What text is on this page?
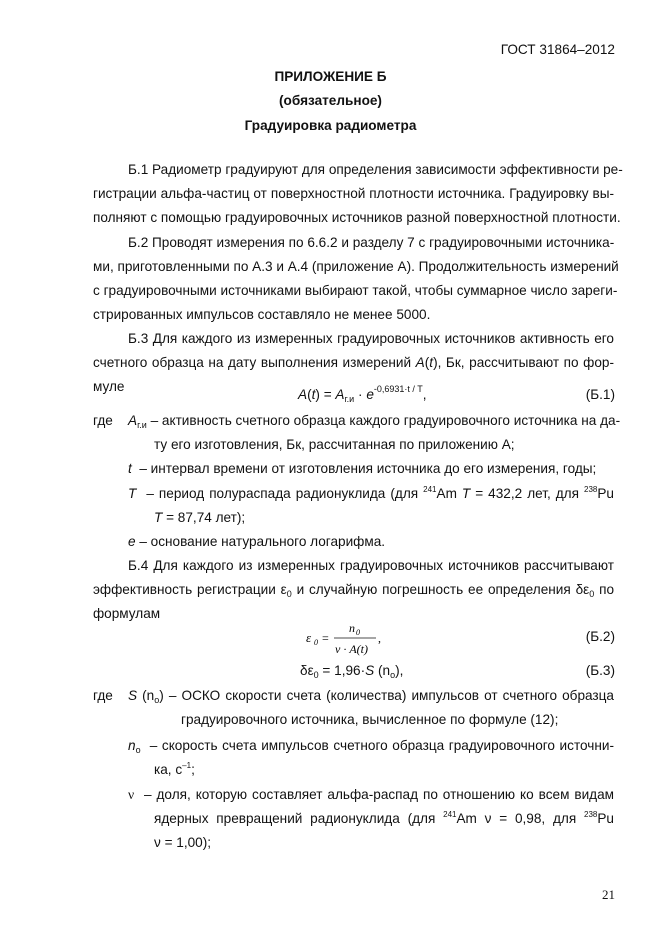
ГОСТ 31864–2012
ПРИЛОЖЕНИЕ Б
(обязательное)
Градуировка радиометра
Б.1 Радиометр градуируют для определения зависимости эффективности ре-
гистрации альфа-частиц от поверхностной плотности источника. Градуировку вы-
полняют с помощью градуировочных источников разной поверхностной плотности.
Б.2 Проводят измерения по 6.6.2 и разделу 7 с градуировочными источника-
ми, приготовленными по А.3 и А.4 (приложение А). Продолжительность измерений
с градуировочными источниками выбирают такой, чтобы суммарное число зареги-
стрированных импульсов составляло не менее 5000.
Б.3 Для каждого из измеренных градуировочных источников активность его
счетного образца на дату выполнения измерений A(t), Бк, рассчитывают по фор-
муле
$A(t) = A_{г.и} \cdot e^{-0,6931\cdot t / T}$,	(Б.1)
где $A_{г.и}$ – активность счетного образца каждого градуировочного источника на да-
ту его изготовления, Бк, рассчитанная по приложению А;
t – интервал времени от изготовления источника до его измерения, годы;
T – период полураспада радионуклида (для $^{241}$Am T = 432,2 лет, для $^{238}$Pu
T = 87,74 лет);
e – основание натурального логарифма.
Б.4 Для каждого из измеренных градуировочных источников рассчитывают
эффективность регистрации $\varepsilon_0$ и случайную погрешность ее определения $\delta\varepsilon_0$ по
формулам
ε 0 =
n 0
ν · A(t)
,	(Б.2)
$\delta\varepsilon_0 = 1,96\cdot S$ $(n_o)$,	(Б.3)
где S $(n_o)$ – ОСКО скорости счета (количества) импульсов от счетного образца
градуировочного источника, вычисленное по формуле (12);
$n_o$ – скорость счета импульсов счетного образца градуировочного источни-
ка, $с^{-1}$;
ν – доля, которую составляет альфа-распад по отношению ко всем видам
ядерных превращений радионуклида (для $^{241}$Am ν = 0,98, для $^{238}$Pu
ν = 1,00);
21
